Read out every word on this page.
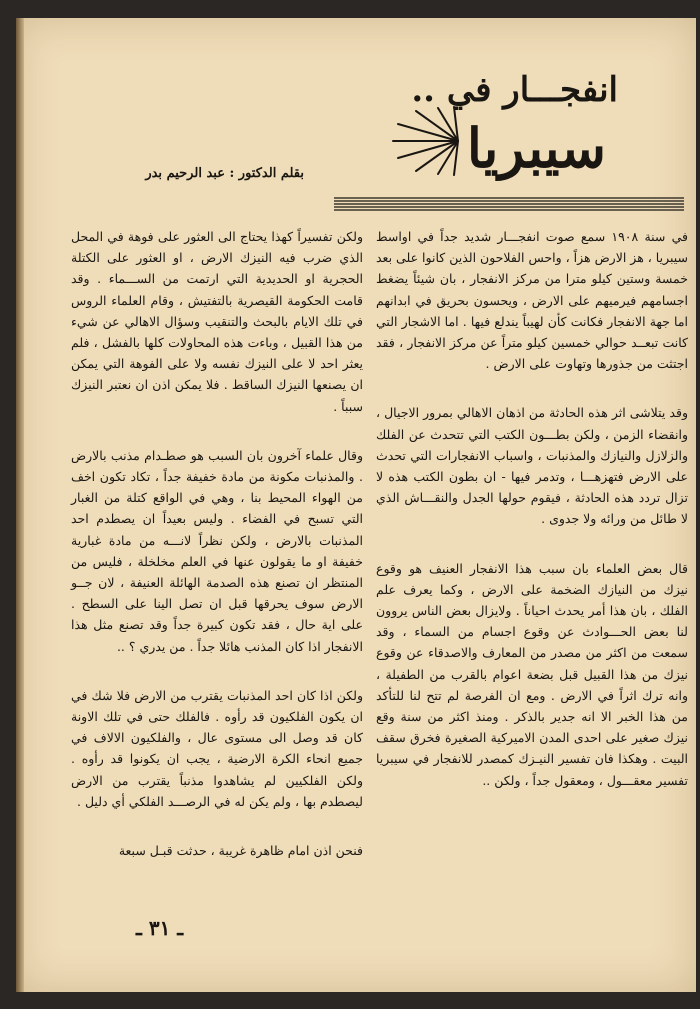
انفجـــار في ..
سيبريا
بقلم الدكتور : عبد الرحيم بدر

في سنة ١٩٠٨ سمع صوت انفجـــار شديد جداً في اواسط سيبريا ، هز الارض هزاً ، واحس الفلاحون الذين كانوا على بعد خمسة وستين كيلو مترا من مركز الانفجار ، بان شيئاً يضغط اجسامهم فيرميهم على الارض ، ويحسون بحريق في ابدانهم اما جهة الانفجار فكانت كأن لهيباً يندلع فيها . اما الاشجار التي كانت تبعــد حوالي خمسين كيلو متراً عن مركز الانفجار ، فقد اجتثت من جذورها وتهاوت على الارض .

وقد يتلاشى اثر هذه الحادثة من اذهان الاهالي بمرور الاجيال ، وانقضاء الزمن ، ولكن بطـــون الكتب التي تتحدث عن الفلك والزلازل والنيازك والمذنبات ، واسباب الانفجارات التي تحدث على الارض فتهزهـــا ، وتدمر فيها - ان بطون الكتب هذه لا تزال تردد هذه الحادثة ، فيقوم حولها الجدل والنقـــاش الذي لا طائل من ورائه ولا جدوى .

قال بعض العلماء بان سبب هذا الانفجار العنيف هو وقوع نيزك من النيازك الضخمة على الارض ، وكما يعرف علم الفلك ، بان هذا أمر يحدث احياناً . ولايزال بعض الناس يروون لنا بعض الحـــوادث عن وقوع اجسام من السماء ، وقد سمعت من اكثر من مصدر من المعارف والاصدقاء عن وقوع نيزك من هذا القبيل قبل بضعة اعوام بالقرب من الطفيلة ، وانه ترك اثراً في الارض . ومع ان الفرصة لم تتح لنا للتأكد من هذا الخبر الا انه جدير بالذكر . ومنذ اكثر من سنة وقع نيزك صغير على احدى المدن الاميركية الصغيرة فخرق سقف البيت . وهكذا فان تفسير النيـزك كمصدر للانفجار في سيبريا تفسير معقـــول ، ومعقول جداً ، ولكن ..

ولكن تفسيراً كهذا يحتاج الى العثور على فوهة في المحل الذي ضرب فيه النيزك الارض ، او العثور على الكتلة الحجرية او الحديدية التي ارتمت من الســـماء . وقد قامت الحكومة القيصرية بالتفتيش ، وقام العلماء الروس في تلك الايام بالبحث والتنقيب وسؤال الاهالي عن شيء من هذا القبيل ، وباءت هذه المحاولات كلها بالفشل ، فلم يعثر احد لا على النيزك نفسه ولا على الفوهة التي يمكن ان يصنعها النيزك الساقط . فلا يمكن اذن ان نعتبر النيزك سبباً .

وقال علماء آخرون بان السبب هو صطـدام مذنب بالارض . والمذنبات مكونة من مادة خفيفة جداً ، تكاد تكون اخف من الهواء المحيط بنا ، وهي في الواقع كتلة من الغبار التي تسبح في الفضاء . وليس بعيداً ان يصطدم احد المذنبات بالارض ، ولكن نظراً لانـــه من مادة غبارية خفيفة او ما يقولون عنها في العلم مخلخلة ، فليس من المنتظر ان تصنع هذه الصدمة الهائلة العنيفة ، لان جــو الارض سوف يحرقها قبل ان تصل الينا على السطح . على اية حال ، فقد تكون كبيرة جداً وقد تصنع مثل هذا الانفجار اذا كان المذنب هائلا جداً . من يدري ؟ ..

ولكن اذا كان احد المذنبات يقترب من الارض فلا شك في ان يكون الفلكيون قد رأوه . فالفلك حتى في تلك الاونة كان قد وصل الى مستوى عال ، والفلكيون الالاف في جميع انحاء الكرة الارضية ، يجب ان يكونوا قد رأوه . ولكن الفلكيين لم يشاهدوا مذنباً يقترب من الارض ليصطدم بها ، ولم يكن له في الرصـــد الفلكي أي دليل .

فنحن اذن امام ظاهرة غريبة ، حدثت قبـل سبعة

ـ ٣١ ـ
